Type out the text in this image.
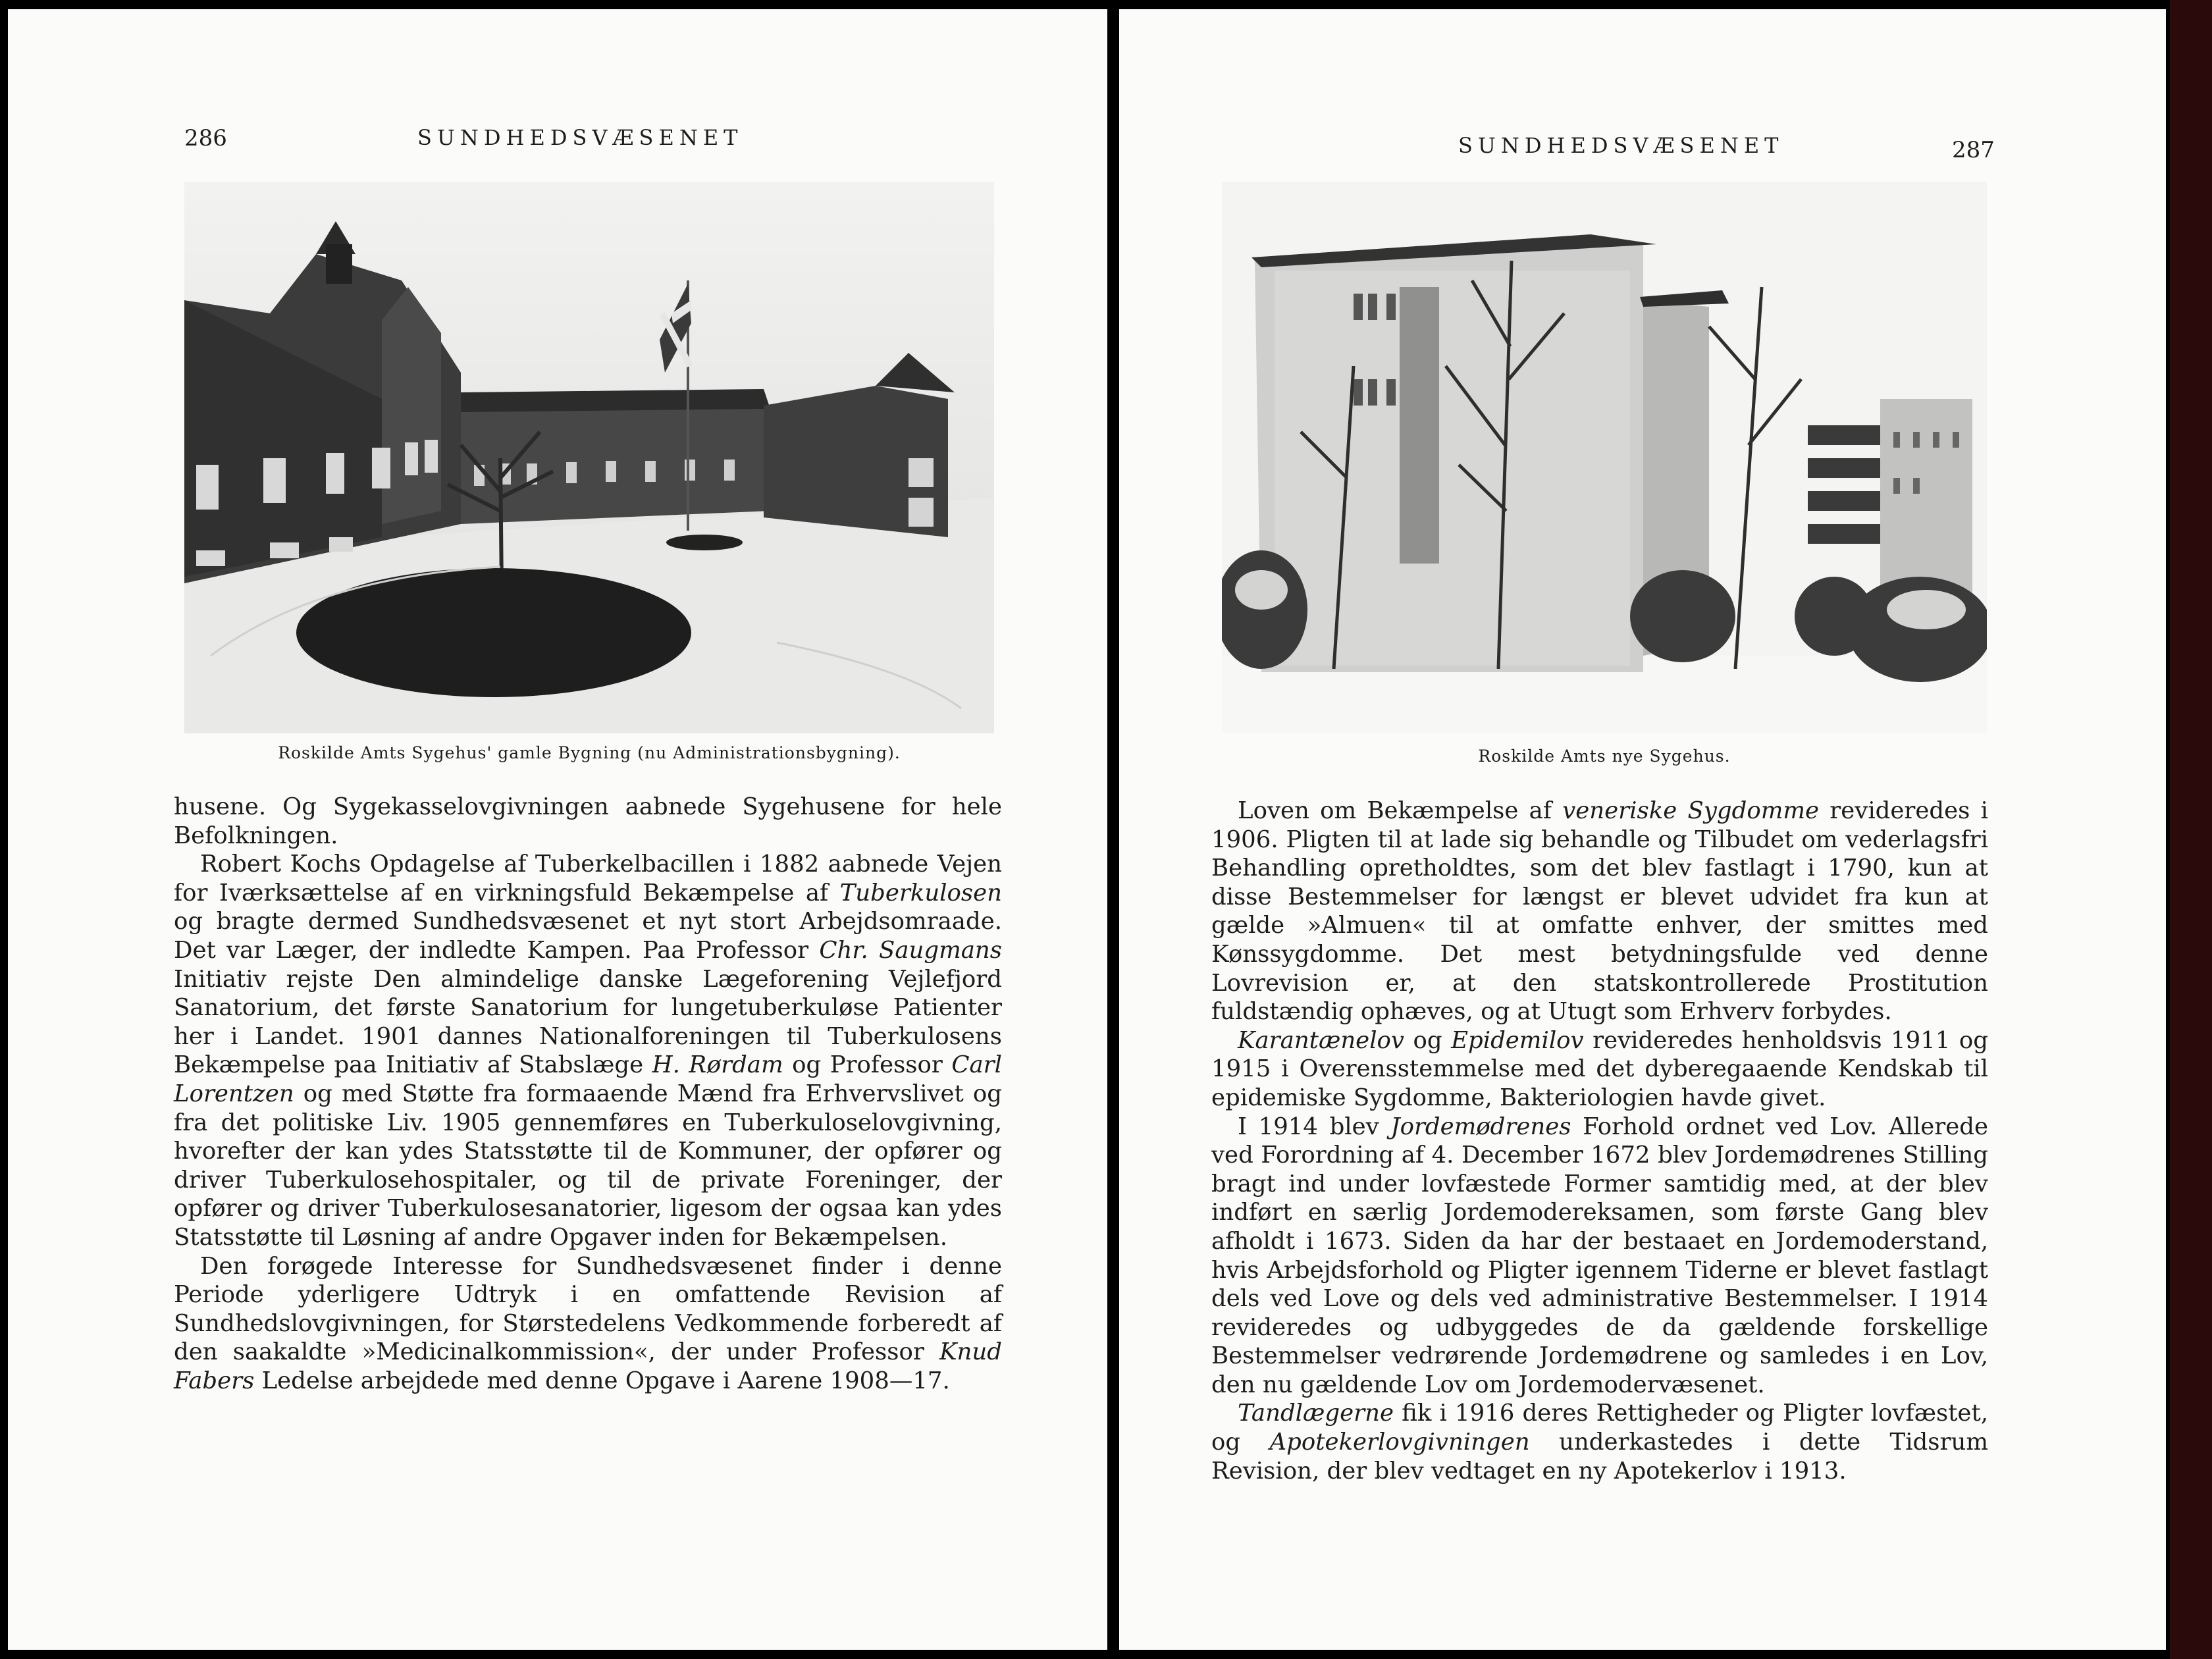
286	SUNDHEDSVÆSENET
Roskilde Amts Sygehus' gamle Bygning (nu Administrationsbygning).

husene. Og Sygekasselovgivningen aabnede Sygehusene for hele Befolkningen.

Robert Kochs Opdagelse af Tuberkelbacillen i 1882 aabnede Vejen for Iværksættelse af en virkningsfuld Bekæmpelse af Tuberkulosen og bragte dermed Sundhedsvæsenet et nyt stort Arbejdsomraade. Det var Læger, der indledte Kampen. Paa Professor Chr. Saugmans Initiativ rejste Den almindelige danske Lægeforening Vejlefjord Sanatorium, det første Sanatorium for lungetuberkuløse Patienter her i Landet. 1901 dannes Nationalforeningen til Tuberkulosens Bekæmpelse paa Initiativ af Stabslæge H. Rørdam og Professor Carl Lorentzen og med Støtte fra formaaende Mænd fra Erhvervslivet og fra det politiske Liv. 1905 gennemføres en Tuberkuloselovgivning, hvorefter der kan ydes Statsstøtte til de Kommuner, der opfører og driver Tuberkulosehospitaler, og til de private Foreninger, der opfører og driver Tuberkulosesanatorier, ligesom der ogsaa kan ydes Statsstøtte til Løsning af andre Opgaver inden for Bekæmpelsen.

Den forøgede Interesse for Sundhedsvæsenet finder i denne Periode yderligere Udtryk i en omfattende Revision af Sundhedslovgivningen, for Størstedelens Vedkommende forberedt af den saakaldte »Medicinalkommission«, der under Professor Knud Fabers Ledelse arbejdede med denne Opgave i Aarene 1908—17.

SUNDHEDSVÆSENET	287
Roskilde Amts nye Sygehus.

Loven om Bekæmpelse af veneriske Sygdomme revideredes i 1906. Pligten til at lade sig behandle og Tilbudet om vederlagsfri Behandling opretholdtes, som det blev fastlagt i 1790, kun at disse Bestemmelser for længst er blevet udvidet fra kun at gælde »Almuen« til at omfatte enhver, der smittes med Kønssygdomme. Det mest betydningsfulde ved denne Lovrevision er, at den statskontrollerede Prostitution fuldstændig ophæves, og at Utugt som Erhverv forbydes.

Karantænelov og Epidemilov revideredes henholdsvis 1911 og 1915 i Overensstemmelse med det dyberegaaende Kendskab til epidemiske Sygdomme, Bakteriologien havde givet.

I 1914 blev Jordemødrenes Forhold ordnet ved Lov. Allerede ved Forordning af 4. December 1672 blev Jordemødrenes Stilling bragt ind under lovfæstede Former samtidig med, at der blev indført en særlig Jordemodereksamen, som første Gang blev afholdt i 1673. Siden da har der bestaaet en Jordemoderstand, hvis Arbejdsforhold og Pligter igennem Tiderne er blevet fastlagt dels ved Love og dels ved administrative Bestemmelser. I 1914 revideredes og udbyggedes de da gældende forskellige Bestemmelser vedrørende Jordemødrene og samledes i en Lov, den nu gældende Lov om Jordemodervæsenet.

Tandlægerne fik i 1916 deres Rettigheder og Pligter lovfæstet, og Apotekerlovgivningen underkastedes i dette Tidsrum Revision, der blev vedtaget en ny Apotekerlov i 1913.
